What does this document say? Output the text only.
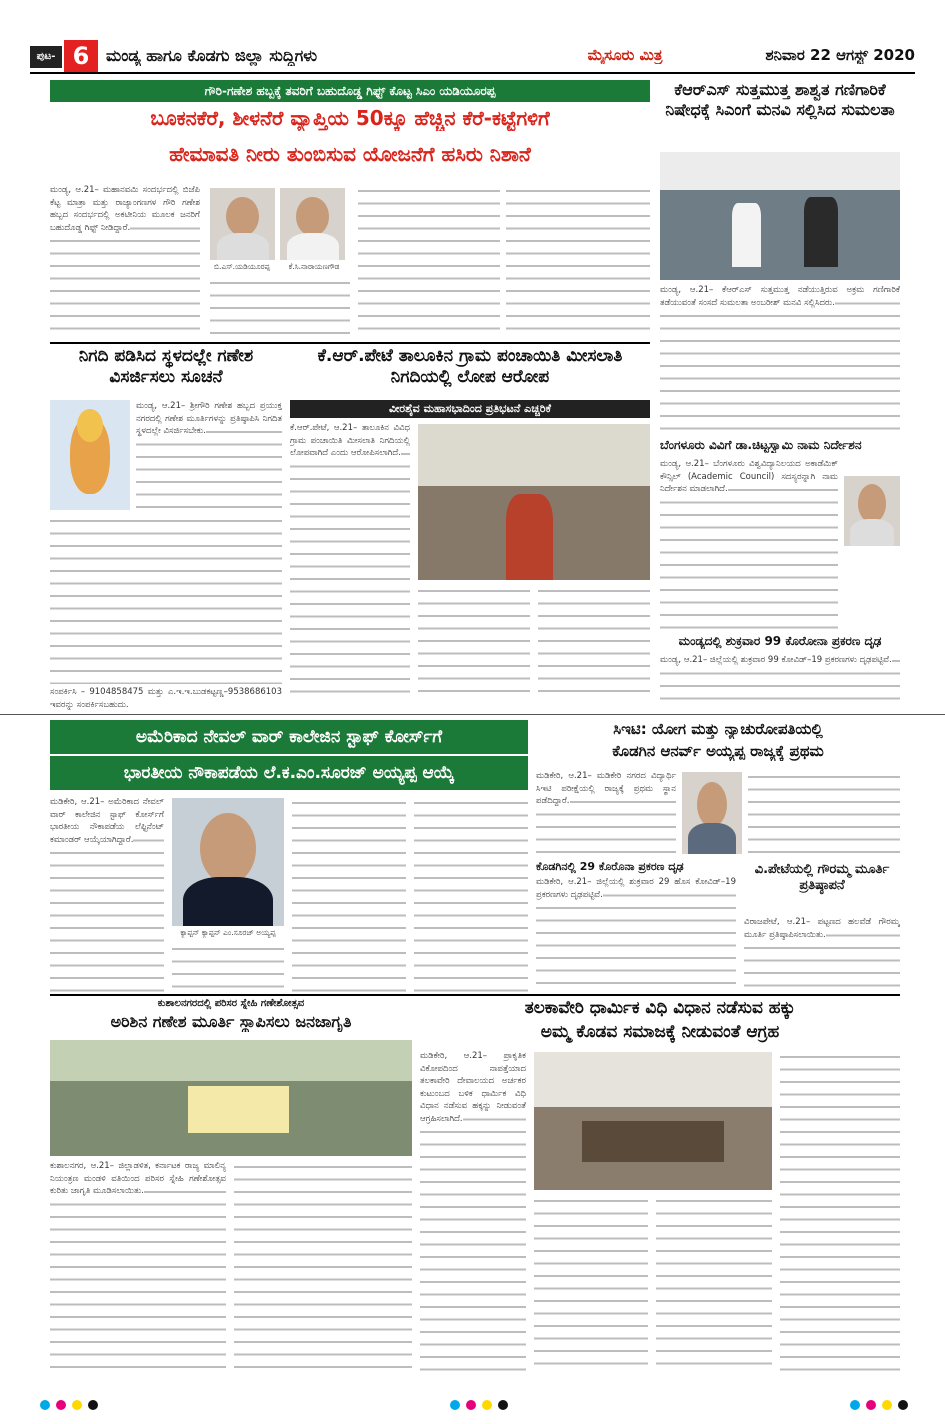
ಪುಟ- 6	ಮಂಡ್ಯ ಹಾಗೂ ಕೊಡಗು ಜಿಲ್ಲಾ ಸುದ್ದಿಗಳು	ಮೈಸೂರು ಮಿತ್ರ	ಶನಿವಾರ 22 ಆಗಸ್ಟ್ 2020
ಗೌರಿ-ಗಣೇಶ ಹಬ್ಬಕ್ಕೆ ತವರಿಗೆ ಬಹುದೊಡ್ಡ ಗಿಫ್ಟ್ ಕೊಟ್ಟ ಸಿಎಂ ಯಡಿಯೂರಪ್ಪ
ಬೂಕನಕೆರೆ, ಶೀಳನೆರೆ ವ್ಯಾಪ್ತಿಯ 50ಕ್ಕೂ ಹೆಚ್ಚಿನ ಕೆರೆ-ಕಟ್ಟೆಗಳಿಗೆ
ಹೇಮಾವತಿ ನೀರು ತುಂಬಿಸುವ ಯೋಜನೆಗೆ ಹಸಿರು ನಿಶಾನೆ
ಮಂಡ್ಯ, ಆ.21– ಮಹಾನವಮಿ ಸಂದರ್ಭದಲ್ಲಿ ಬಿಜೆಪಿ ಕೆಟ್ಟ ಮಾತ್ರಾ ಮತ್ತು ರಾಜ್ಯಾಂಗಣಗಳ ಗೌರಿ ಗಣೇಶ ಹಬ್ಬದ ಸಂದರ್ಭದಲ್ಲಿ ಅಕಟೀನಿಯ ಮೂಲಕ ಜನರಿಗೆ ಬಹುದೊಡ್ಡ ಗಿಫ್ಟ್ ನೀಡಿದ್ದಾರೆ.
ಬಿ.ಎಸ್.ಯಡಿಯೂರಪ್ಪ	ಕೆ.ಸಿ.ನಾರಾಯಣಗೌಡ
ಕೆಆರ್‌ಎಸ್ ಸುತ್ತಮುತ್ತ ಶಾಶ್ವತ ಗಣಿಗಾರಿಕೆ ನಿಷೇಧಕ್ಕೆ ಸಿಎಂಗೆ ಮನವಿ ಸಲ್ಲಿಸಿದ ಸುಮಲತಾ
ಮಂಡ್ಯ, ಆ.21– ಕೆಆರ್‌ಎಸ್ ಸುತ್ತಮುತ್ತ ನಡೆಯುತ್ತಿರುವ ಅಕ್ರಮ ಗಣಿಗಾರಿಕೆ ತಡೆಯುವಂತೆ ಸಂಸದೆ ಸುಮಲತಾ ಅಂಬರೀಶ್ ಮನವಿ ಸಲ್ಲಿಸಿದರು.
ನಿಗದಿ ಪಡಿಸಿದ ಸ್ಥಳದಲ್ಲೇ ಗಣೇಶ ವಿಸರ್ಜಿಸಲು ಸೂಚನೆ
ಮಂಡ್ಯ, ಆ.21– ಶ್ರೀಗೌರಿ ಗಣೇಶ ಹಬ್ಬದ ಪ್ರಯುಕ್ತ ನಗರದಲ್ಲಿ ಗಣೇಶ ಮೂರ್ತಿಗಳನ್ನು ಪ್ರತಿಷ್ಠಾಪಿಸಿ ನಿಗದಿತ ಸ್ಥಳದಲ್ಲೇ ವಿಸರ್ಜಿಸಬೇಕು.
ಸಂಪರ್ಕಿಸಿ – 9104858475 ಮತ್ತು ಎ.ಇ.ಇ.ಬುಡಕಟ್ಟಣ್ಣ–9538686103 ಇವರನ್ನು ಸಂಪರ್ಕಿಸಬಹುದು.
ಕೆ.ಆರ್.ಪೇಟೆ ತಾಲೂಕಿನ ಗ್ರಾಮ ಪಂಚಾಯಿತಿ ಮೀಸಲಾತಿ ನಿಗದಿಯಲ್ಲಿ ಲೋಪ ಆರೋಪ
ವೀರಶೈವ ಮಹಾಸಭಾದಿಂದ ಪ್ರತಿಭಟನೆ ಎಚ್ಚರಿಕೆ
ಕೆ.ಆರ್.ಪೇಟೆ, ಆ.21– ತಾಲೂಕಿನ ವಿವಿಧ ಗ್ರಾಮ ಪಂಚಾಯಿತಿ ಮೀಸಲಾತಿ ನಿಗದಿಯಲ್ಲಿ ಲೋಪವಾಗಿದೆ ಎಂದು ಆರೋಪಿಸಲಾಗಿದೆ.
ಬೆಂಗಳೂರು ವಿವಿಗೆ ಡಾ.ಚಿಟ್ಟಸ್ವಾಮಿ ನಾಮ ನಿರ್ದೇಶನ
ಮಂಡ್ಯ, ಆ.21– ಬೆಂಗಳೂರು ವಿಶ್ವವಿದ್ಯಾನಿಲಯದ ಅಕಾಡೆಮಿಕ್ ಕೌನ್ಸಿಲ್ (Academic Council) ಸದಸ್ಯರನ್ನಾಗಿ ನಾಮ ನಿರ್ದೇಶನ ಮಾಡಲಾಗಿದೆ.
ಮಂಡ್ಯದಲ್ಲಿ ಶುಕ್ರವಾರ 99 ಕೊರೋನಾ ಪ್ರಕರಣ ದೃಢ
ಮಂಡ್ಯ, ಆ.21– ಜಿಲ್ಲೆಯಲ್ಲಿ ಶುಕ್ರವಾರ 99 ಕೋವಿಡ್–19 ಪ್ರಕರಣಗಳು ದೃಢಪಟ್ಟಿವೆ.
ಅಮೆರಿಕಾದ ನೇವಲ್ ವಾರ್ ಕಾಲೇಜಿನ ಸ್ಟಾಫ್ ಕೋರ್ಸ್‌ಗೆ
ಭಾರತೀಯ ನೌಕಾಪಡೆಯ ಲೆ.ಕ.ಎಂ.ಸೂರಜ್ ಅಯ್ಯಪ್ಪ ಆಯ್ಕೆ
ಮಡಿಕೇರಿ, ಆ.21– ಅಮೆರಿಕಾದ ನೇವಲ್ ವಾರ್ ಕಾಲೇಜಿನ ಸ್ಟಾಫ್ ಕೋರ್ಸ್‌ಗೆ ಭಾರತೀಯ ನೌಕಾಪಡೆಯ ಲೆಫ್ಟಿನೆಂಟ್ ಕಮಾಂಡರ್ ಆಯ್ಕೆಯಾಗಿದ್ದಾರೆ.
ಕ್ಯಾಪ್ಟನ್ ಕ್ಯಾಪ್ಟನ್ ಎಂ.ಸೂರಜ್ ಅಯ್ಯಪ್ಪ
ಸಿಇಟಿ: ಯೋಗ ಮತ್ತು ನ್ಯಾಚುರೋಪತಿಯಲ್ಲಿ
ಕೊಡಗಿನ ಆನರ್ವ್ ಅಯ್ಯಪ್ಪ ರಾಜ್ಯಕ್ಕೆ ಪ್ರಥಮ
ಮಡಿಕೇರಿ, ಆ.21– ಮಡಿಕೇರಿ ನಗರದ ವಿದ್ಯಾರ್ಥಿ ಸಿಇಟಿ ಪರೀಕ್ಷೆಯಲ್ಲಿ ರಾಜ್ಯಕ್ಕೆ ಪ್ರಥಮ ಸ್ಥಾನ ಪಡೆದಿದ್ದಾರೆ.
ಕೊಡಗಿನಲ್ಲಿ 29 ಕೊರೊನಾ ಪ್ರಕರಣ ದೃಢ
ಮಡಿಕೇರಿ, ಆ.21– ಜಿಲ್ಲೆಯಲ್ಲಿ ಶುಕ್ರವಾರ 29 ಹೊಸ ಕೋವಿಡ್–19 ಪ್ರಕರಣಗಳು ದೃಢಪಟ್ಟಿವೆ.
ವಿ.ಪೇಟೆಯಲ್ಲಿ ಗೌರಮ್ಮ ಮೂರ್ತಿ ಪ್ರತಿಷ್ಠಾಪನೆ
ವಿರಾಜಪೇಟೆ, ಆ.21– ಪಟ್ಟಣದ ಹಲವೆಡೆ ಗೌರಮ್ಮ ಮೂರ್ತಿ ಪ್ರತಿಷ್ಠಾಪಿಸಲಾಯಿತು.
ಕುಶಾಲನಗರದಲ್ಲಿ ಪರಿಸರ ಸ್ನೇಹಿ ಗಣೇಶೋತ್ಸವ
ಅರಿಶಿನ ಗಣೇಶ ಮೂರ್ತಿ ಸ್ಥಾಪಿಸಲು ಜನಜಾಗೃತಿ
ಕುಶಾಲನಗರ, ಆ.21– ಜಿಲ್ಲಾಡಳಿತ, ಕರ್ನಾಟಕ ರಾಜ್ಯ ಮಾಲಿನ್ಯ ನಿಯಂತ್ರಣ ಮಂಡಳಿ ವತಿಯಿಂದ ಪರಿಸರ ಸ್ನೇಹಿ ಗಣೇಶೋತ್ಸವ ಕುರಿತು ಜಾಗೃತಿ ಮೂಡಿಸಲಾಯಿತು.
ತಲಕಾವೇರಿ ಧಾರ್ಮಿಕ ವಿಧಿ ವಿಧಾನ ನಡೆಸುವ ಹಕ್ಕು
ಅಮ್ಮ ಕೊಡವ ಸಮಾಜಕ್ಕೆ ನೀಡುವಂತೆ ಆಗ್ರಹ
ಮಡಿಕೇರಿ, ಆ.21– ಪ್ರಾಕೃತಿಕ ವಿಕೋಪದಿಂದ ನಾಪತ್ತೆಯಾದ ತಲಕಾವೇರಿ ದೇವಾಲಯದ ಅರ್ಚಕರ ಕುಟುಂಬದ ಬಳಿಕ ಧಾರ್ಮಿಕ ವಿಧಿ ವಿಧಾನ ನಡೆಸುವ ಹಕ್ಕನ್ನು ನೀಡುವಂತೆ ಆಗ್ರಹಿಸಲಾಗಿದೆ.
